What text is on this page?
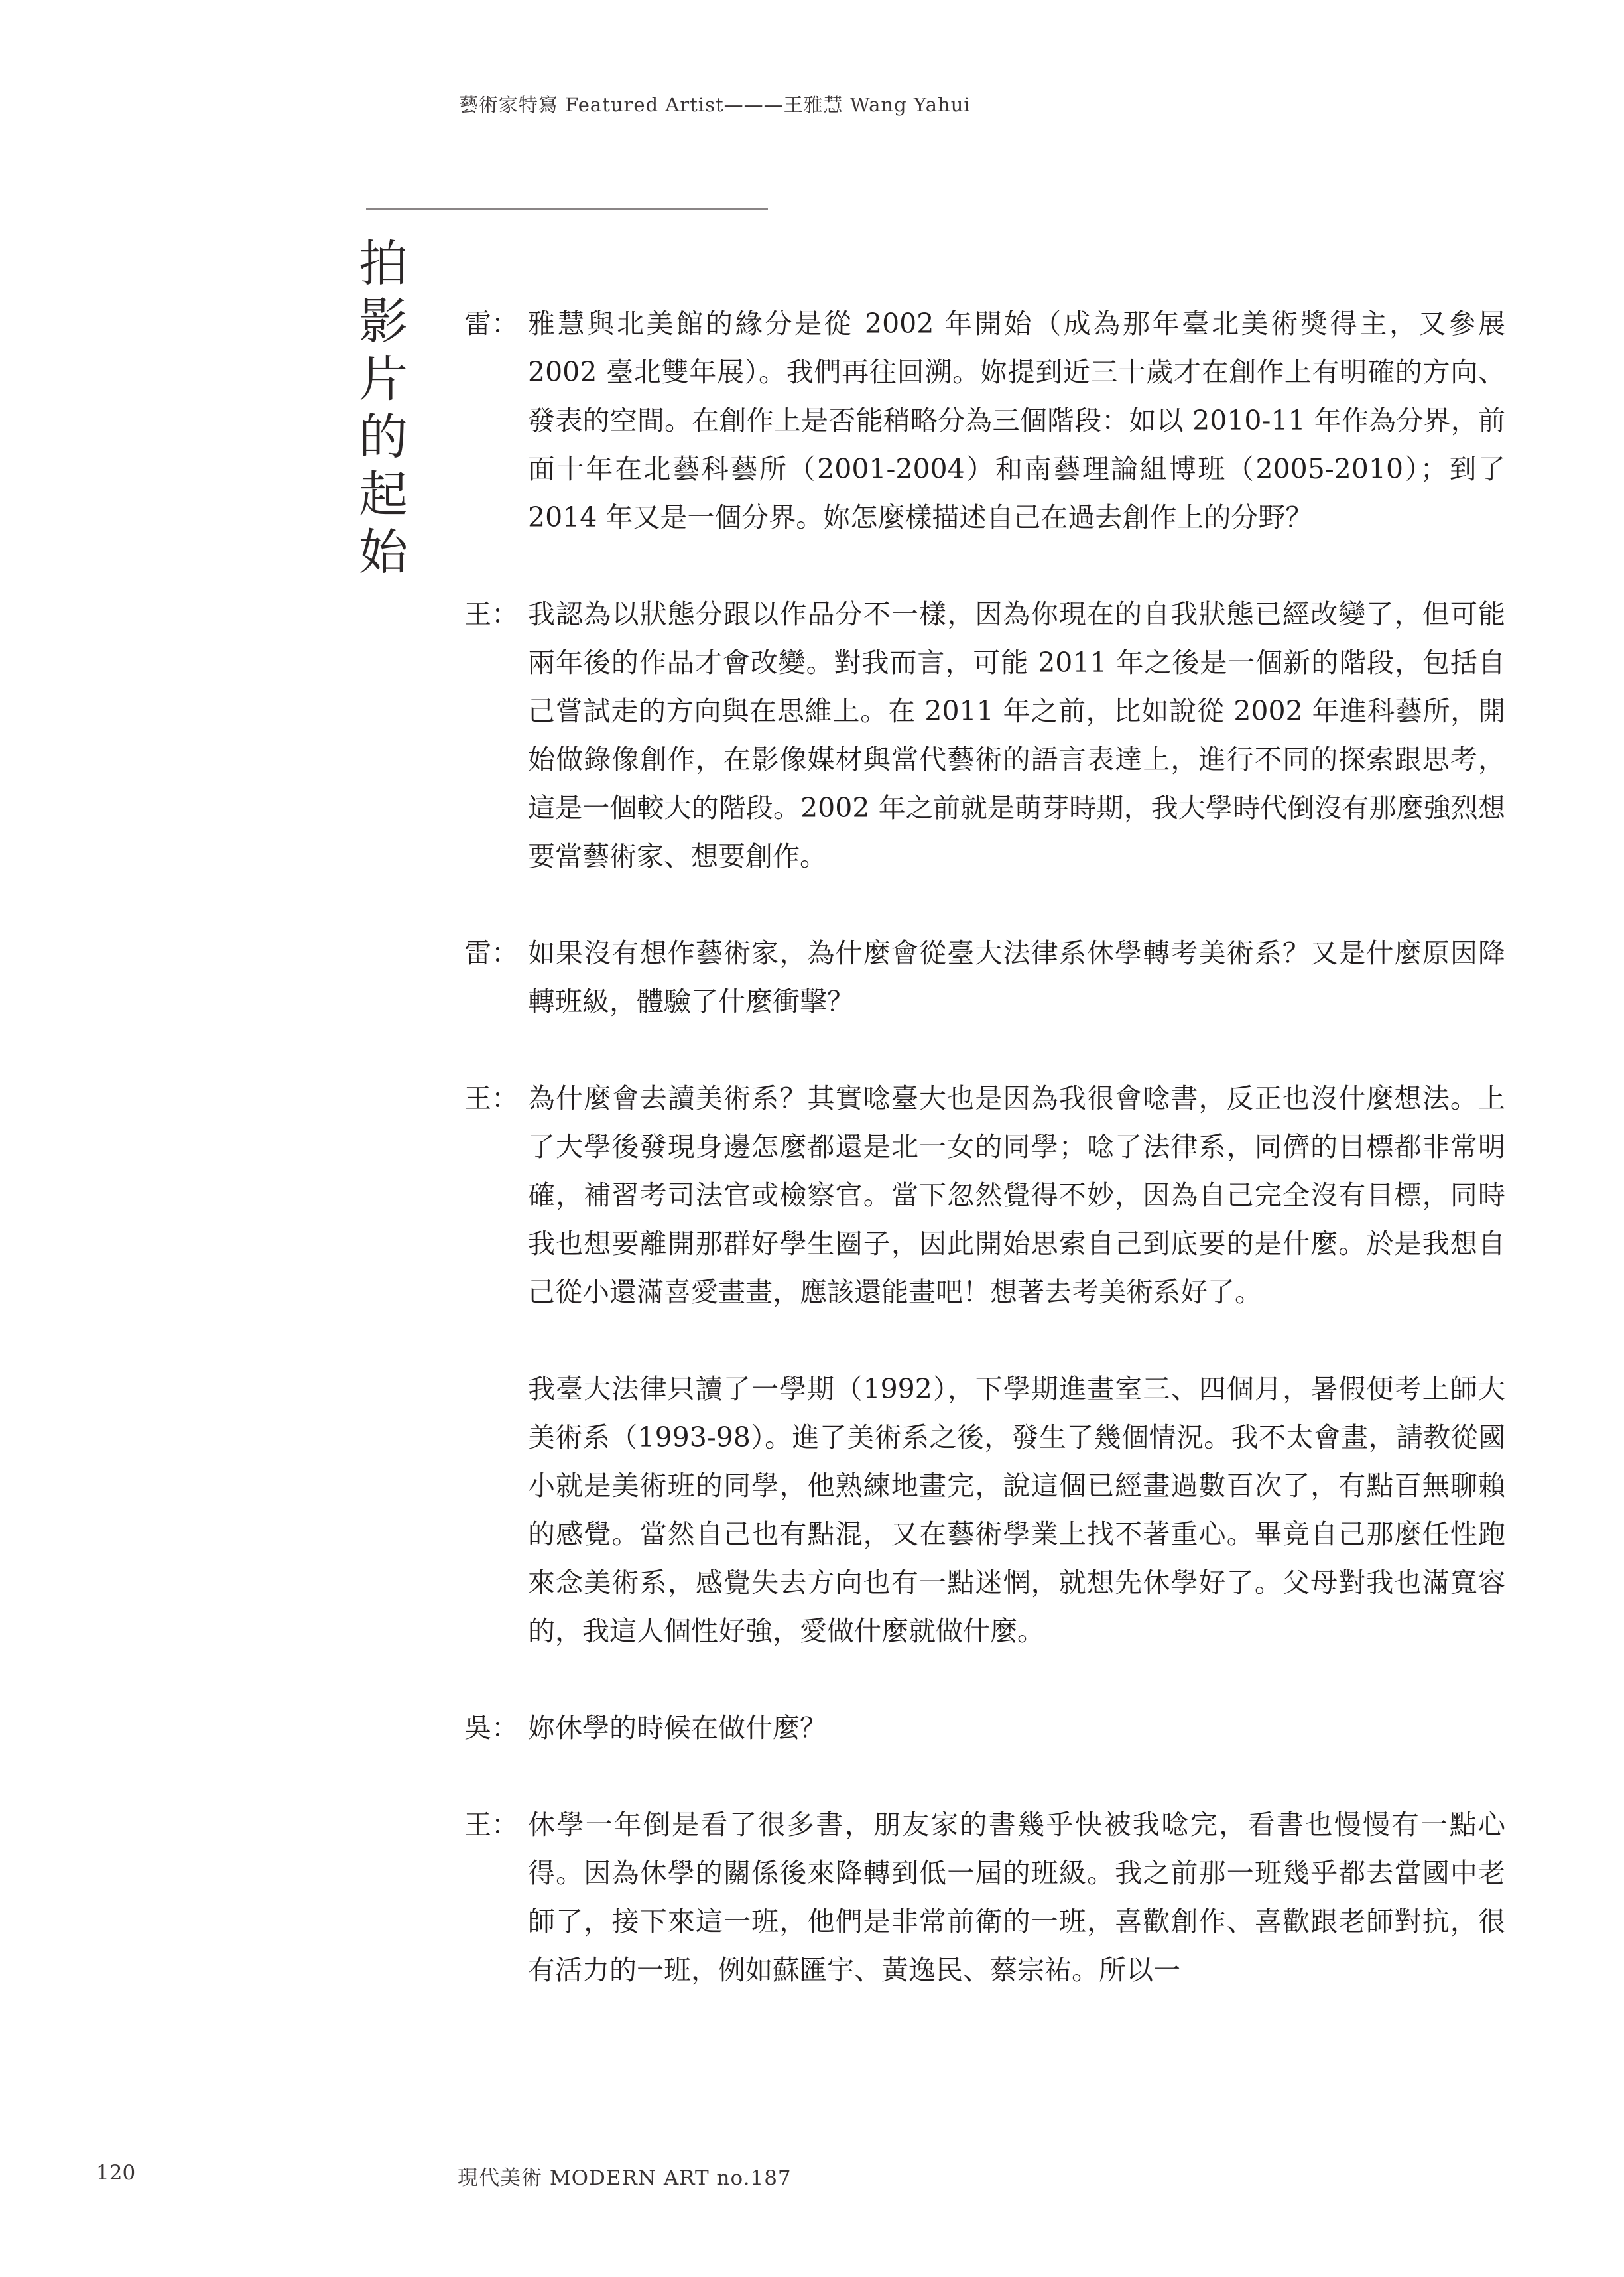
藝術家特寫 Featured Artist———王雅慧 Wang Yahui
拍影片的起始
雷： 雅慧與北美館的緣分是從 2002 年開始（成為那年臺北美術獎得主，又參展 2002 臺北雙年展）。我們再往回溯。妳提到近三十歲才在創作上有明確的方向、發表的空間。在創作上是否能稍略分為三個階段：如以 2010-11 年作為分界，前面十年在北藝科藝所（2001-2004）和南藝理論組博班（2005-2010）；到了 2014 年又是一個分界。妳怎麼樣描述自己在過去創作上的分野？
王： 我認為以狀態分跟以作品分不一樣，因為你現在的自我狀態已經改變了，但可能兩年後的作品才會改變。對我而言，可能 2011 年之後是一個新的階段，包括自己嘗試走的方向與在思維上。在 2011 年之前，比如說從 2002 年進科藝所，開始做錄像創作，在影像媒材與當代藝術的語言表達上，進行不同的探索跟思考，這是一個較大的階段。2002 年之前就是萌芽時期，我大學時代倒沒有那麼強烈想要當藝術家、想要創作。
雷： 如果沒有想作藝術家，為什麼會從臺大法律系休學轉考美術系？又是什麼原因降轉班級，體驗了什麼衝擊？
王： 為什麼會去讀美術系？其實唸臺大也是因為我很會唸書，反正也沒什麼想法。上了大學後發現身邊怎麼都還是北一女的同學；唸了法律系，同儕的目標都非常明確，補習考司法官或檢察官。當下忽然覺得不妙，因為自己完全沒有目標，同時我也想要離開那群好學生圈子，因此開始思索自己到底要的是什麼。於是我想自己從小還滿喜愛畫畫，應該還能畫吧！想著去考美術系好了。
我臺大法律只讀了一學期（1992），下學期進畫室三、四個月，暑假便考上師大美術系（1993-98）。進了美術系之後，發生了幾個情況。我不太會畫，請教從國小就是美術班的同學，他熟練地畫完，說這個已經畫過數百次了，有點百無聊賴的感覺。當然自己也有點混，又在藝術學業上找不著重心。畢竟自己那麼任性跑來念美術系，感覺失去方向也有一點迷惘，就想先休學好了。父母對我也滿寬容的，我這人個性好強，愛做什麼就做什麼。
吳： 妳休學的時候在做什麼？
王： 休學一年倒是看了很多書，朋友家的書幾乎快被我唸完，看書也慢慢有一點心得。因為休學的關係後來降轉到低一屆的班級。我之前那一班幾乎都去當國中老師了，接下來這一班，他們是非常前衛的一班，喜歡創作、喜歡跟老師對抗，很有活力的一班，例如蘇匯宇、黃逸民、蔡宗祐。所以一
120	現代美術 MODERN ART no.187
